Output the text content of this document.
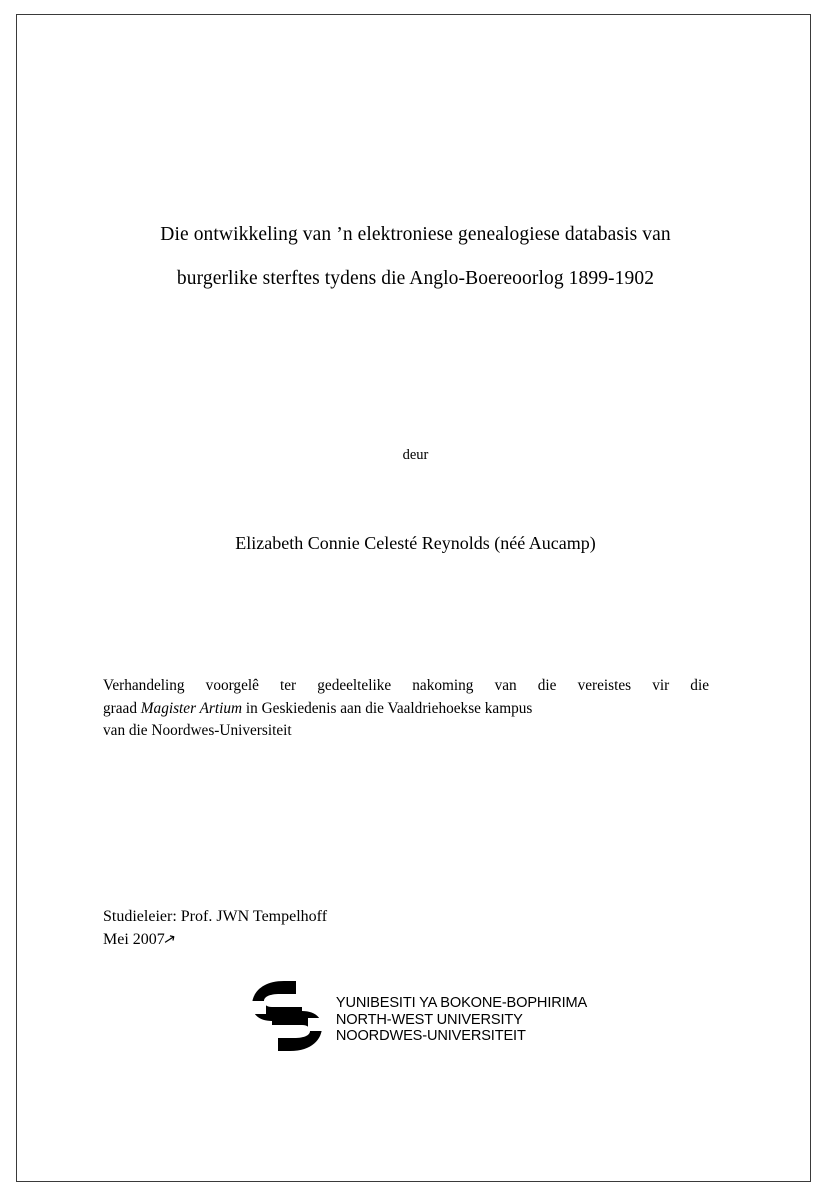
Die ontwikkeling van ’n elektroniese genealogiese databasis van
burgerlike sterftes tydens die Anglo-Boereoorlog 1899-1902
deur
Elizabeth Connie Celesté Reynolds (néé Aucamp)
Verhandeling voorgelê ter gedeeltelike nakoming van die vereistes vir die
graad Magister Artium in Geskiedenis aan die Vaaldriehoekse kampus
van die Noordwes-Universiteit
Studieleier: Prof. JWN Tempelhoff
Mei 2007
↗
YUNIBESITI YA BOKONE-BOPHIRIMA
NORTH-WEST UNIVERSITY
NOORDWES-UNIVERSITEIT
